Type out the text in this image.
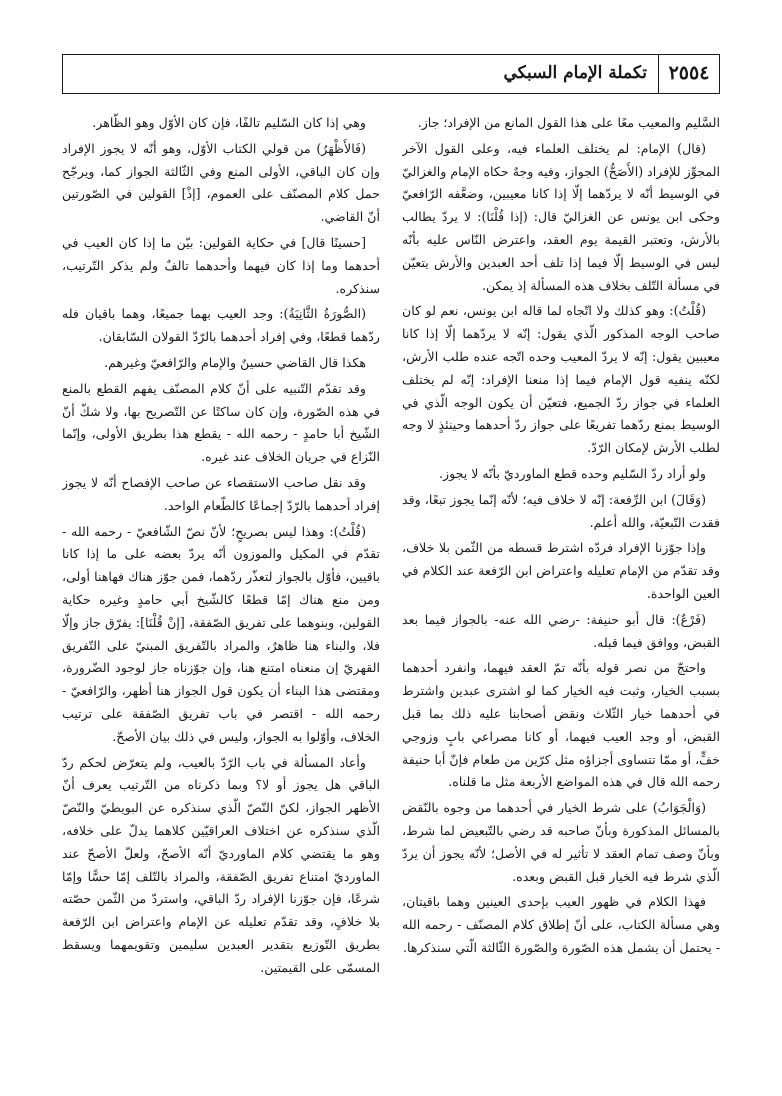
٢٥٥٤
تكملة الإمام السبكي

السَّليم والمعيب معًا على هذا القول المانع من الإفراد؛ جاز.

(قال) الإمام: لم يختلف العلماء فيه، وعلى القول الآخر المجوِّز للإفراد (الأَصَحُّ) الجواز، وفيه وجهٌ حكاه الإمام والغزاليّ في الوسيط أنّه لا يردّهما إلّا إذا كانا معيبين، وضعَّفه الرّافعيّ وحكى ابن يونس عن الغزاليّ قال: (إذا قُلْنَا): لا يردّ يطالب بالأرش، وتعتبر القيمة يوم العقد، واعترض النّاس عليه بأنّه ليس في الوسيط إلّا فيما إذا تلف أحد العبدين والأرش يتعيّن في مسألة التّلف بخلاف هذه المسألة إذ يمكن.

(قُلْتُ): وهو كذلك ولا اتّجاه لما قاله ابن يونس، نعم لو كان صاحب الوجه المذكور الّذي يقول: إنّه لا يردّهما إلّا إذا كانا معيبين يقول: إنّه لا يردّ المعيب وحده اتّجه عنده طلب الأرش، لكنّه ينفيه قول الإمام فيما إذا منعنا الإفراد: إنّه لم يختلف العلماء في جواز ردّ الجميع، فتعيّن أن يكون الوجه الّذي في الوسيط بمنع ردّهما تفريعًا على جواز ردّ أحدهما وحينئذٍ لا وجه لطلب الأرش لإمكان الرّدّ.

ولو أراد ردّ السّليم وحده قطع الماورديّ بأنّه لا يجوز.

(وَقَالَ) ابن الرِّفعة: إنّه لا خلاف فيه؛ لأنّه إنّما يجوز تبعًا، وقد فقدت التّبعيّة، والله أعلم.

وإذا جوّزنا الإفراد فردّه اشترط قسطه من الثّمن بلا خلاف، وقد تقدّم من الإمام تعليله واعتراض ابن الرّفعة عند الكلام في العين الواحدة.

(فَرْعٌ): قال أبو حنيفة: -رضي الله عنه- بالجواز فيما بعد القبض، ووافق فيما قبله.

واحتجّ من نصر قوله بأنّه تمّ العقد فيهما، وانفرد أحدهما بسبب الخيار، وثبت فيه الخيار كما لو اشترى عبدين واشترط في أحدهما خيار الثّلاث ونقض أصحابنا عليه ذلك بما قبل القبض، أو وجد العيب فيهما، أو كانا مصراعي بابٍ وزوجي خفٍّ، أو ممّا تتساوى أجزاؤه مثل كرّين من طعام فإنّ أبا حنيفة رحمه الله قال في هذه المواضع الأربعة مثل ما قلناه.

(وَالْجَوَابُ) على شرط الخيار في أحدهما من وجوه بالنّقض بالمسائل المذكورة وبأنّ صاحبه قد رضي بالتّبعيض لما شرط، وبأنّ وصف تمام العقد لا تأثير له في الأصل؛ لأنّه يجوز أن يردّ الّذي شرط فيه الخيار قبل القبض وبعده.

فهذا الكلام في ظهور العيب بإحدى العينين وهما باقيتان، وهي مسألة الكتاب، على أنّ إطلاق كلام المصنّف - رحمه الله - يحتمل أن يشمل هذه الصّورة والصّورة الثّالثة الّتي سنذكرها.

وهي إذا كان السّليم تالفًا، فإن كان الأوّل وهو الظّاهر.

(فَالأَظْهَرُ) من قولي الكتاب الأوّل، وهو أنّه لا يجوز الإفراد وإن كان الباقي، الأولى المنع وفي الثّالثة الجواز كما، ويرجّح حمل كلام المصنّف على العموم، [إذْ] القولين في الصّورتين أنّ القاضي.

[حسينًا قال] في حكاية القولين: بيّن ما إذا كان العيب في أحدهما وما إذا كان فيهما وأحدهما تالفٌ ولم يذكر التّرتيب، سنذكره.

(الصُّورَةُ الثَّانِيَةُ): وجد العيب بهما جميعًا، وهما باقيان فله ردّهما قطعًا، وفي إفراد أحدهما بالرّدّ القولان السّابقان.

هكذا قال القاضي حسينٌ والإمام والرّافعيّ وغيرهم.

وقد تقدّم التّنبيه على أنّ كلام المصنّف يفهم القطع بالمنع في هذه الصّورة، وإن كان ساكتًا عن التّصريح بها، ولا شكّ أنّ الشّيخ أبا حامدٍ - رحمه الله - يقطع هذا بطريق الأولى، وإنّما النّزاع في جريان الخلاف عند غيره.

وقد نقل صاحب الاستقصاء عن صاحب الإفصاح أنّه لا يجوز إفراد أحدهما بالرّدّ إجماعًا كالطّعام الواحد.

(قُلْتُ): وهذا ليس بصريحٍ؛ لأنّ نصّ الشّافعيّ - رحمه الله - تقدّم في المكيل والموزون أنّه يردّ بعضه على ما إذا كانا باقيين، فأوّل بالجواز لتعذّر ردّهما، فمن جوّز هناك فهاهنا أولى، ومن منع هناك إمّا قطعًا كالشّيخ أبي حامدٍ وغيره حكاية القولين، وبنوهما على تفريق الصّفقة، [إنْ قُلْنَا]: يفرّق جاز وإلّا فلا، والبناء هنا ظاهرٌ، والمراد بالتّفريق المبنيّ على التّفريق القهريّ إن منعناه امتنع هنا، وإن جوّزناه جاز لوجود الضّرورة، ومقتضى هذا البناء أن يكون قول الجواز هنا أظهر، والرّافعيّ - رحمه الله - اقتصر في باب تفريق الصّفقة على ترتيب الخلاف، وأوّلوا به الجواز، وليس في ذلك بيان الأصحّ.

وأعاد المسألة في باب الرّدّ بالعيب، ولم يتعرّض لحكم ردّ الباقي هل يجوز أو لا؟ وبما ذكرناه من التّرتيب يعرف أنّ الأظهر الجواز، لكنّ النّصّ الّذي سنذكره عن البويطيّ والنّصّ الّذي سنذكره عن اختلاف العراقيّين كلاهما يدلّ على خلافه، وهو ما يقتضي كلام الماورديّ أنّه الأصحّ، ولعلّ الأصحّ عند الماورديّ امتناع تفريق الصّفقة، والمراد بالتّلف إمّا حسًّا وإمّا شرعًا، فإن جوّزنا الإفراد ردّ الباقي، واستردّ من الثّمن حصّته بلا خلافٍ، وقد تقدّم تعليله عن الإمام واعتراض ابن الرّفعة بطريق التّوزيع بتقدير العبدين سليمين وتقويمهما ويسقط المسمّى على القيمتين.
